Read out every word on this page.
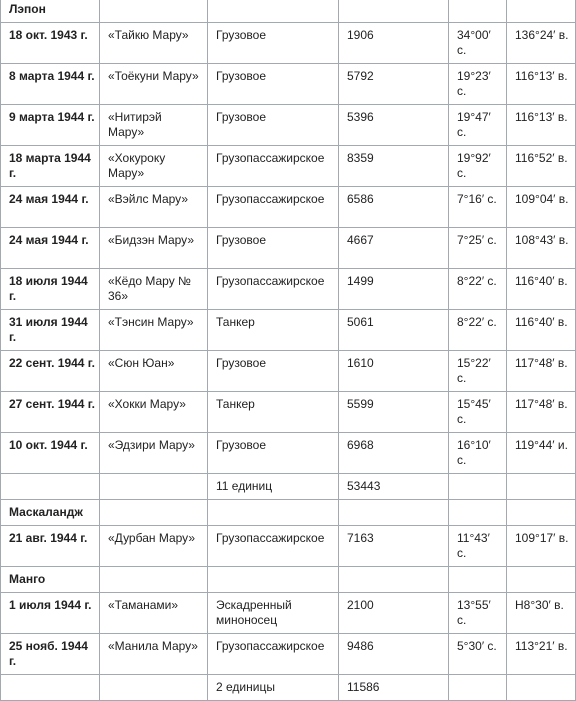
Лэпон					
18 окт. 1943 г.	«Тайкю Мару»	Грузовое	1906	34°00′ с.	136°24′ в.
8 марта 1944 г.	«Тоёкуни Мару»	Грузовое	5792	19°23′ с.	116°13′ в.
9 марта 1944 г.	«Нитирэй Мару»	Грузовое	5396	19°47′ с.	116°13′ в.
18 марта 1944 г.	«Хокуроку Мару»	Грузопассажирское	8359	19°92′ с.	116°52′ в.
24 мая 1944 г.	«Вэйлс Мару»	Грузопассажирское	6586	7°16′ с.	109°04′ в.
24 мая 1944 г.	«Бидзэн Мару»	Грузовое	4667	7°25′ с.	108°43′ в.
18 июля 1944 г.	«Кёдо Мару № 36»	Грузопассажирское	1499	8°22′ с.	116°40′ в.
31 июля 1944 г.	«Тэнсин Мару»	Танкер	5061	8°22′ с.	116°40′ в.
22 сент. 1944 г.	«Сюн Юан»	Грузовое	1610	15°22′ с.	117°48′ в.
27 сент. 1944 г.	«Хокки Мару»	Танкер	5599	15°45′ с.	117°48′ в.
10 окт. 1944 г.	«Эдзири Мару»	Грузовое	6968	16°10′ с.	119°44′ и.
		11 единиц	53443		
Маскаландж					
21 авг. 1944 г.	«Дурбан Мару»	Грузопассажирское	7163	11°43′ с.	109°17′ в.
Манго					
1 июля 1944 г.	«Таманами»	Эскадренный миноносец	2100	13°55′ с.	Н8°30′ в.
25 нояб. 1944 г.	«Манила Мару»	Грузопассажирское	9486	5°30′ с.	113°21′ в.
		2 единицы	11586		
